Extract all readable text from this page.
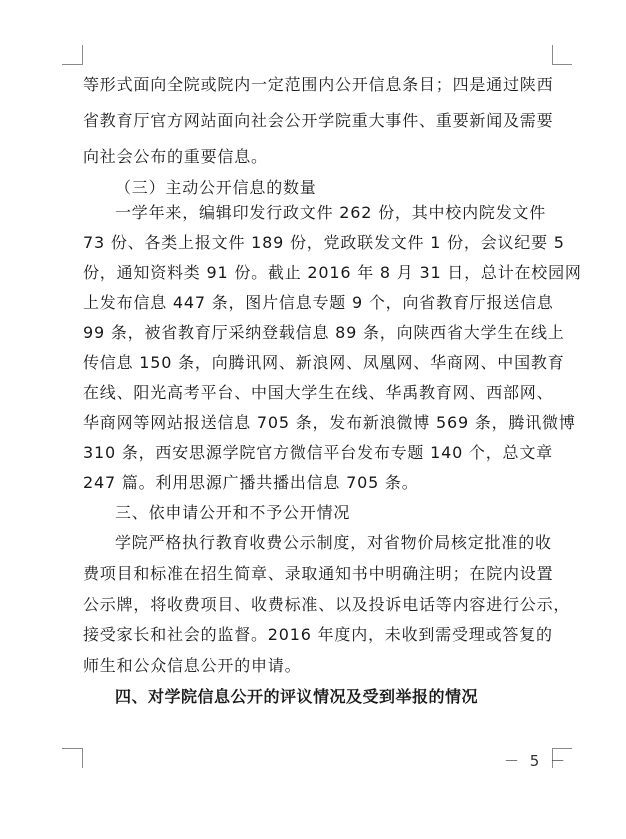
等形式面向全院或院内一定范围内公开信息条目；四是通过陕西
省教育厅官方网站面向社会公开学院重大事件、重要新闻及需要
向社会公布的重要信息。
（三）主动公开信息的数量
一学年来，编辑印发行政文件 262 份，其中校内院发文件
73 份、各类上报文件 189 份，党政联发文件 1 份，会议纪要 5
份，通知资料类 91 份。截止 2016 年 8 月 31 日，总计在校园网
上发布信息 447 条，图片信息专题 9 个，向省教育厅报送信息
99 条，被省教育厅采纳登载信息 89 条，向陕西省大学生在线上
传信息 150 条，向腾讯网、新浪网、凤凰网、华商网、中国教育
在线、阳光高考平台、中国大学生在线、华禹教育网、西部网、
华商网等网站报送信息 705 条，发布新浪微博 569 条，腾讯微博
310 条，西安思源学院官方微信平台发布专题 140 个，总文章
247 篇。利用思源广播共播出信息 705 条。
三、依申请公开和不予公开情况
学院严格执行教育收费公示制度，对省物价局核定批准的收
费项目和标准在招生简章、录取通知书中明确注明；在院内设置
公示牌，将收费项目、收费标准、以及投诉电话等内容进行公示，
接受家长和社会的监督。2016 年度内，未收到需受理或答复的
师生和公众信息公开的申请。
四、对学院信息公开的评议情况及受到举报的情况
－ 5 －
